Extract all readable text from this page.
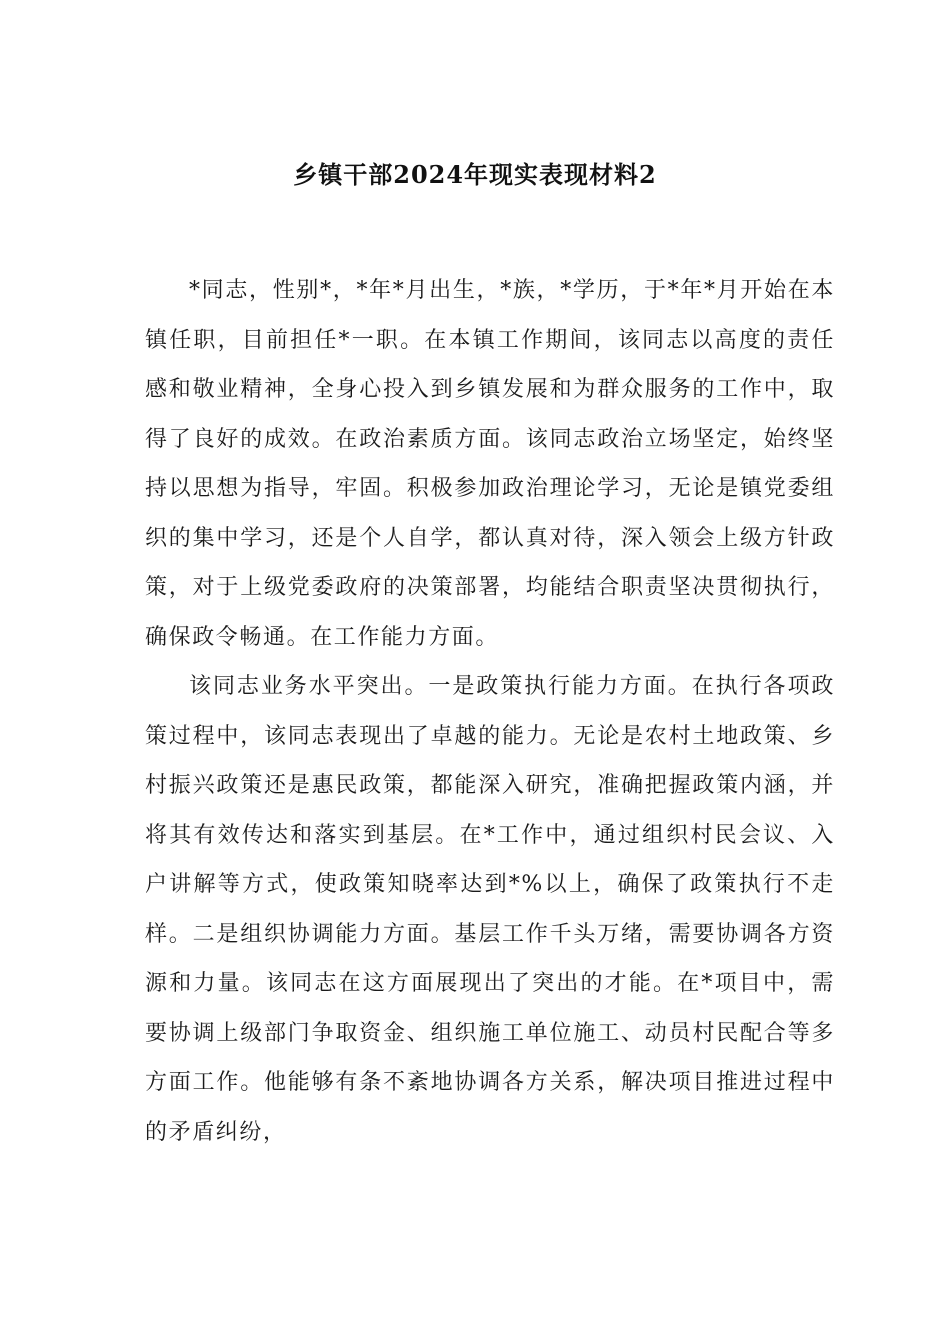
乡镇干部2024年现实表现材料2

*同志，性别*，*年*月出生，*族，*学历，于*年*月开始在本镇任职，目前担任*一职。在本镇工作期间，该同志以高度的责任感和敬业精神，全身心投入到乡镇发展和为群众服务的工作中，取得了良好的成效。在政治素质方面。该同志政治立场坚定，始终坚持以思想为指导，牢固。积极参加政治理论学习，无论是镇党委组织的集中学习，还是个人自学，都认真对待，深入领会上级方针政策，对于上级党委政府的决策部署，均能结合职责坚决贯彻执行，确保政令畅通。在工作能力方面。

该同志业务水平突出。一是政策执行能力方面。在执行各项政策过程中，该同志表现出了卓越的能力。无论是农村土地政策、乡村振兴政策还是惠民政策，都能深入研究，准确把握政策内涵，并将其有效传达和落实到基层。在*工作中，通过组织村民会议、入户讲解等方式，使政策知晓率达到*%以上，确保了政策执行不走样。二是组织协调能力方面。基层工作千头万绪，需要协调各方资源和力量。该同志在这方面展现出了突出的才能。在*项目中，需要协调上级部门争取资金、组织施工单位施工、动员村民配合等多方面工作。他能够有条不紊地协调各方关系，解决项目推进过程中的矛盾纠纷，
